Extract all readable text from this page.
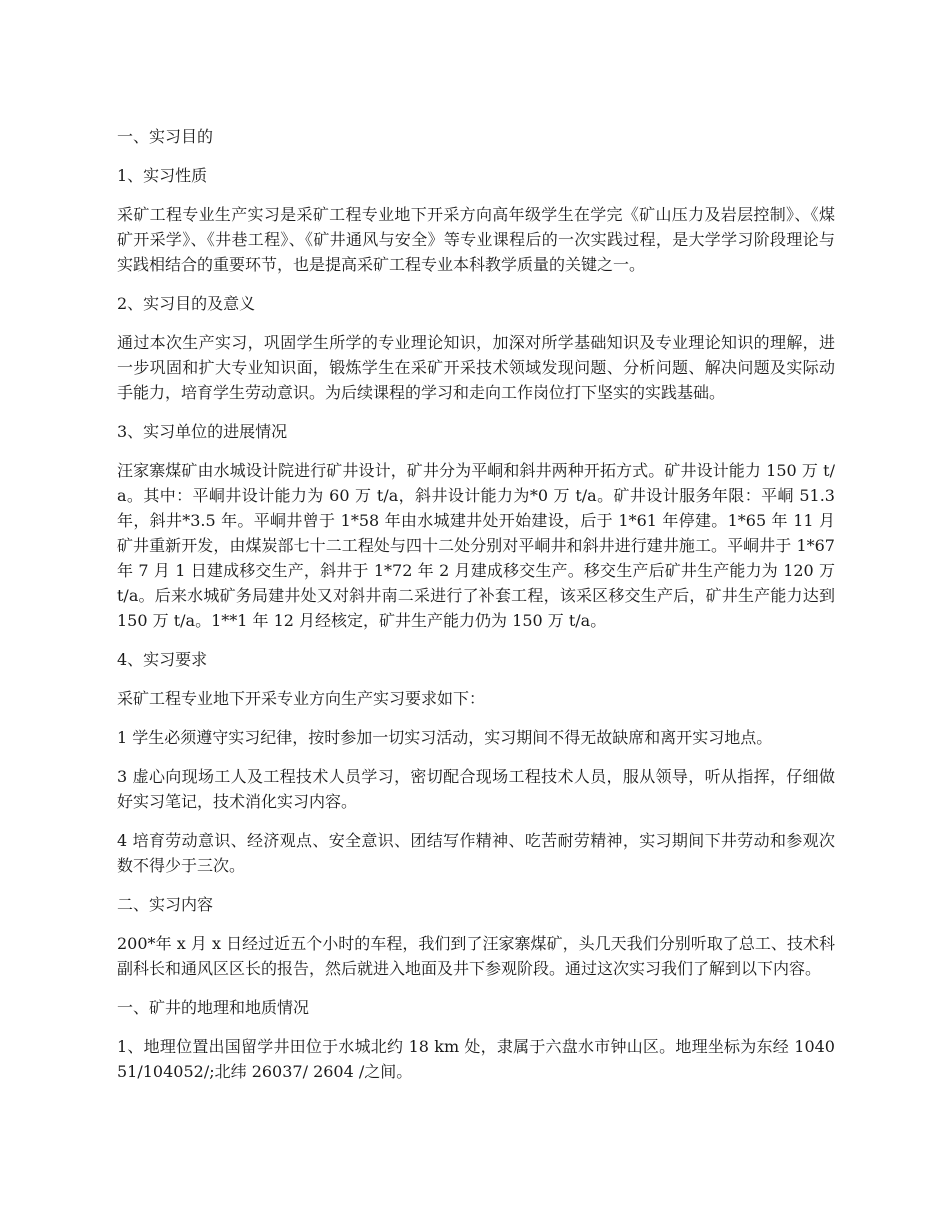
一、实习目的

1、实习性质

采矿工程专业生产实习是采矿工程专业地下开采方向高年级学生在学完《矿山压力及岩层控制》、《煤矿开采学》、《井巷工程》、《矿井通风与安全》等专业课程后的一次实践过程，是大学学习阶段理论与实践相结合的重要环节，也是提高采矿工程专业本科教学质量的关键之一。

2、实习目的及意义

通过本次生产实习，巩固学生所学的专业理论知识，加深对所学基础知识及专业理论知识的理解，进一步巩固和扩大专业知识面，锻炼学生在采矿开采技术领域发现问题、分析问题、解决问题及实际动手能力，培育学生劳动意识。为后续课程的学习和走向工作岗位打下坚实的实践基础。

3、实习单位的进展情况

汪家寨煤矿由水城设计院进行矿井设计，矿井分为平峒和斜井两种开拓方式。矿井设计能力 150 万 t/a。其中：平峒井设计能力为 60 万 t/a，斜井设计能力为*0 万 t/a。矿井设计服务年限：平峒 51.3 年，斜井*3.5 年。平峒井曾于 1*58 年由水城建井处开始建设，后于 1*61 年停建。1*65 年 11 月矿井重新开发，由煤炭部七十二工程处与四十二处分别对平峒井和斜井进行建井施工。平峒井于 1*67 年 7 月 1 日建成移交生产，斜井于 1*72 年 2 月建成移交生产。移交生产后矿井生产能力为 120 万 t/a。后来水城矿务局建井处又对斜井南二采进行了补套工程，该采区移交生产后，矿井生产能力达到 150 万 t/a。1**1 年 12 月经核定，矿井生产能力仍为 150 万 t/a。

4、实习要求

采矿工程专业地下开采专业方向生产实习要求如下：

1 学生必须遵守实习纪律，按时参加一切实习活动，实习期间不得无故缺席和离开实习地点。

3 虚心向现场工人及工程技术人员学习，密切配合现场工程技术人员，服从领导，听从指挥，仔细做好实习笔记，技术消化实习内容。

4 培育劳动意识、经济观点、安全意识、团结写作精神、吃苦耐劳精神，实习期间下井劳动和参观次数不得少于三次。

二、实习内容

200*年 x 月 x 日经过近五个小时的车程，我们到了汪家寨煤矿，头几天我们分别听取了总工、技术科副科长和通风区区长的报告，然后就进入地面及井下参观阶段。通过这次实习我们了解到以下内容。

一、矿井的地理和地质情况

1、地理位置出国留学井田位于水城北约 18 km 处，隶属于六盘水市钟山区。地理坐标为东经 104051/104052/;北纬 26037/ 2604 /之间。
